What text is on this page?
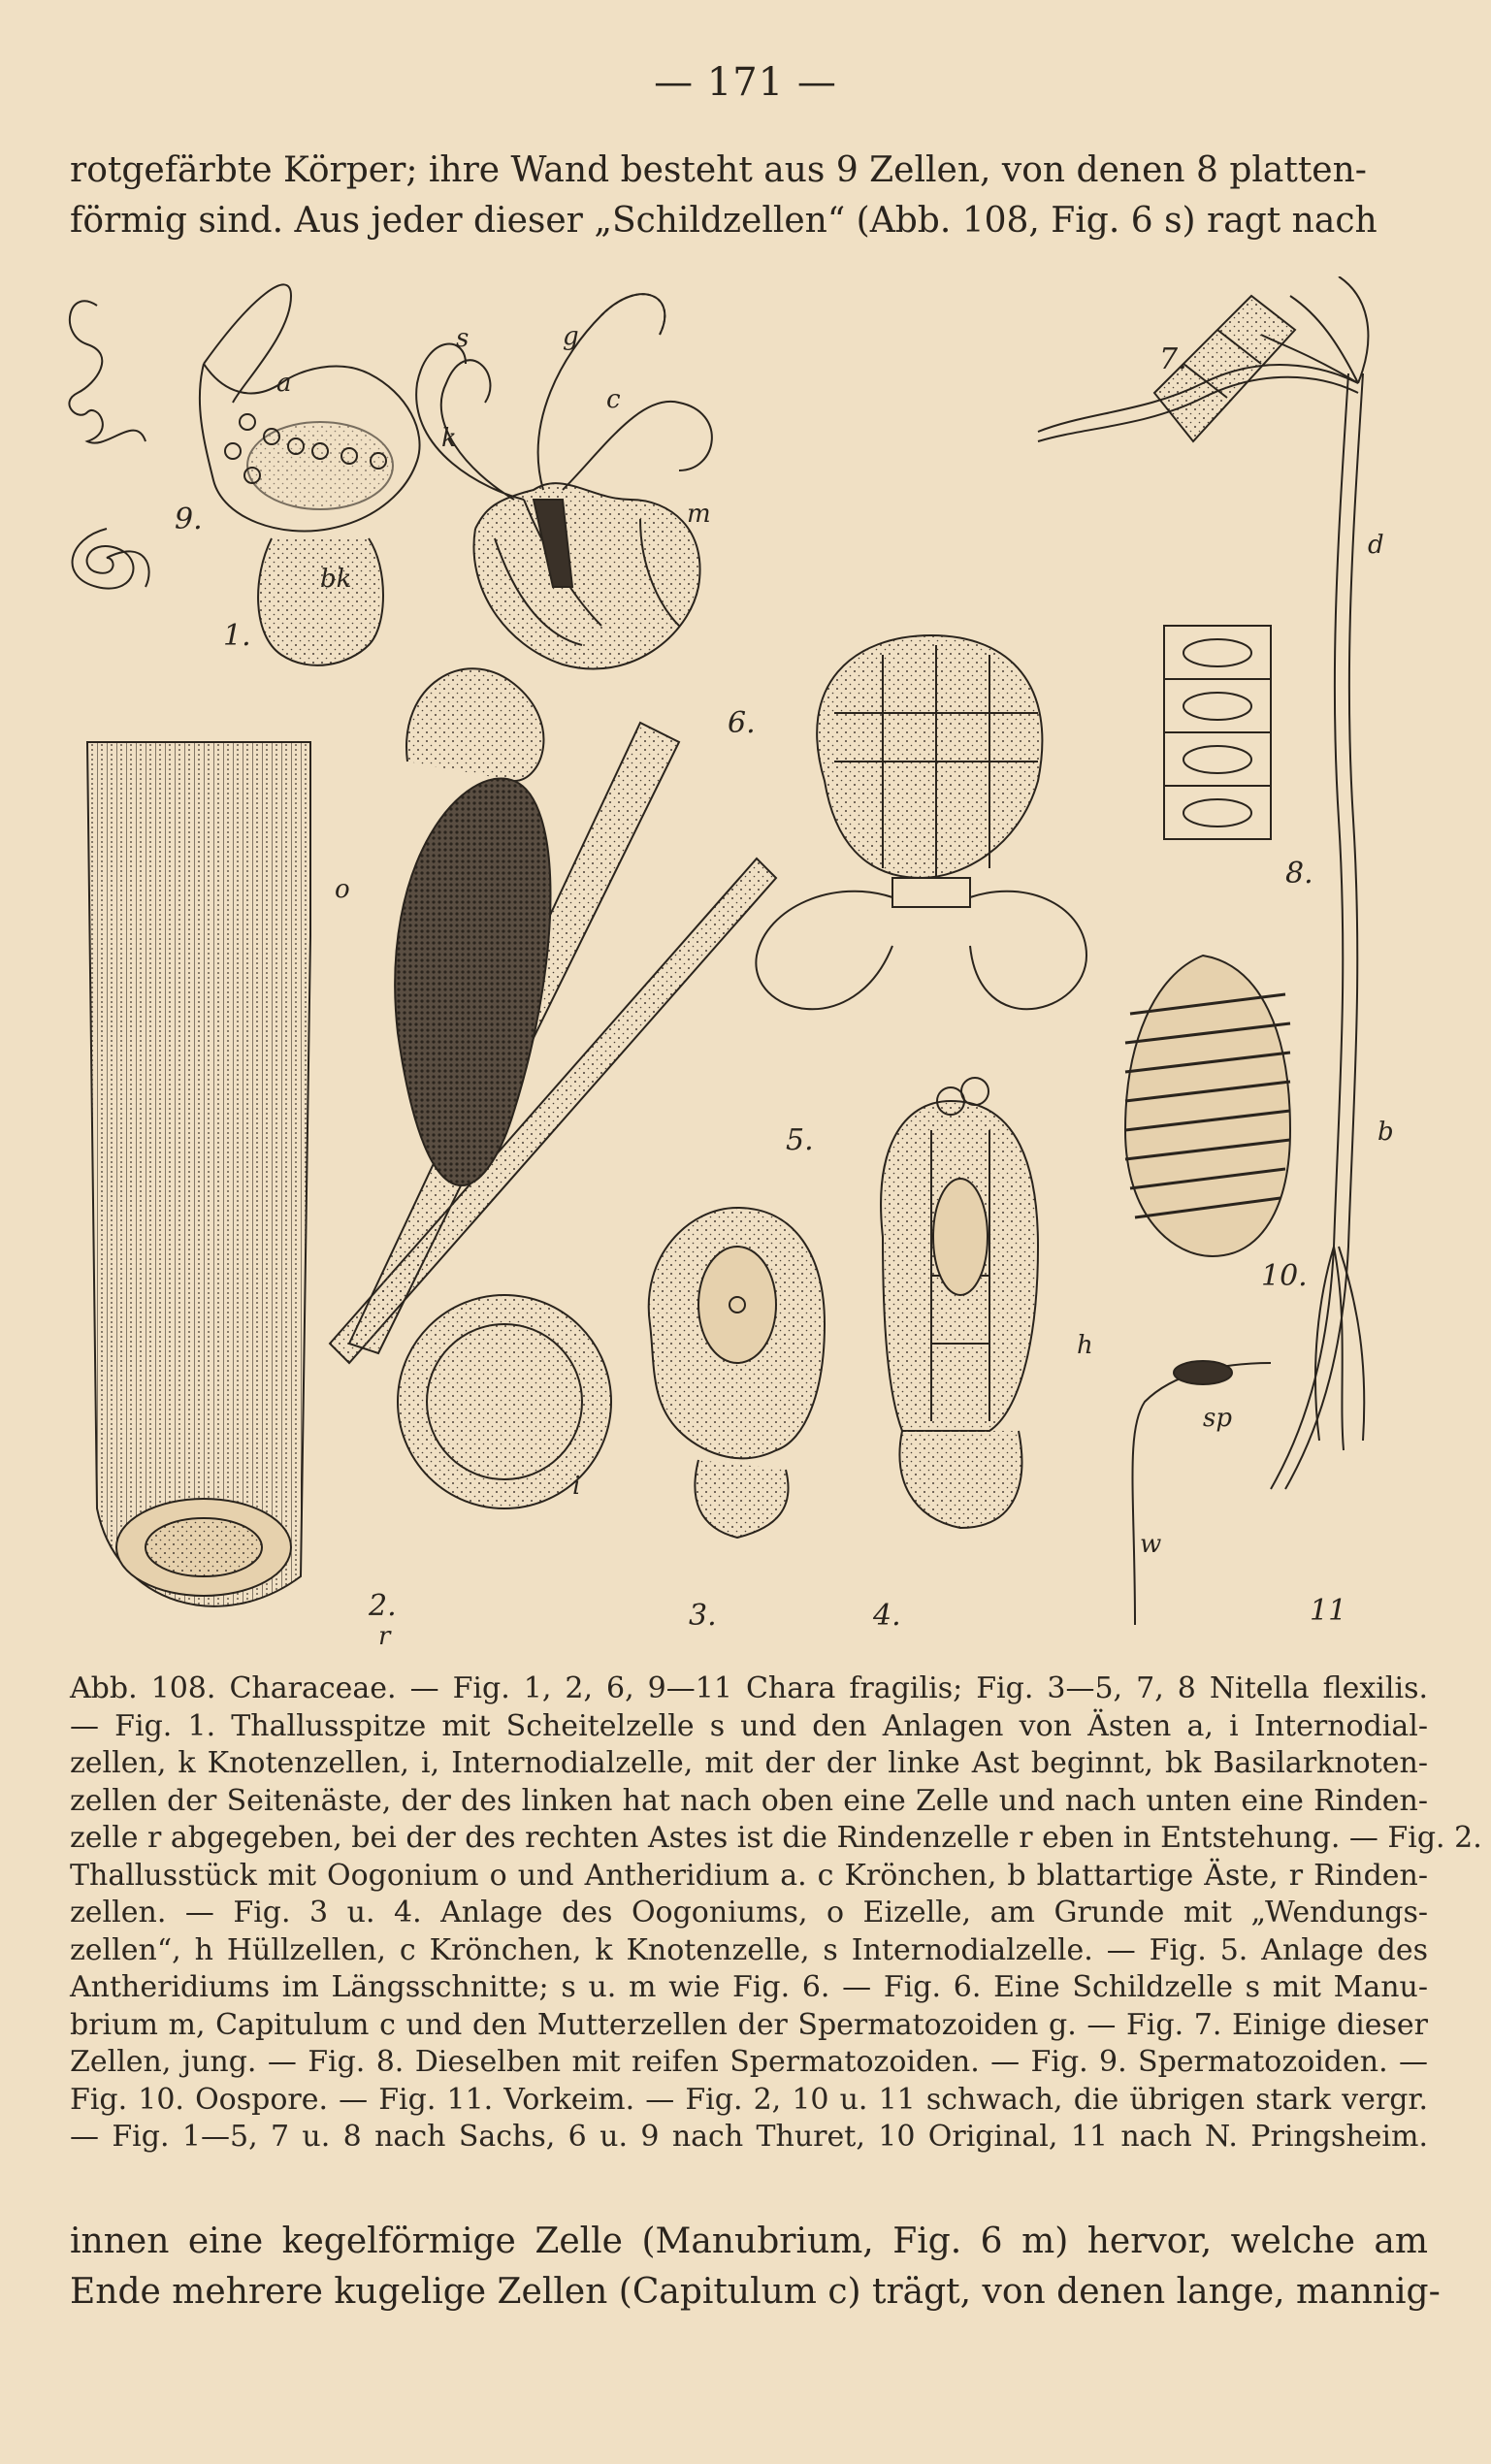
— 171 —
rotgefärbte Körper; ihre Wand besteht aus 9 Zellen, von denen 8 platten-
förmig sind. Aus jeder dieser „Schildzellen“ (Abb. 108, Fig. 6 s) ragt nach
1.
2.	3.	4.
5.
6.
7.
8.
9.
10.
11
a
s
k
g
c
m
d
r
bk
o
b
h
sp
w
i
Abb. 108. Characeae. — Fig. 1, 2, 6, 9—11 Chara fragilis; Fig. 3—5, 7, 8 Nitella flexilis.
— Fig. 1. Thallusspitze mit Scheitelzelle s und den Anlagen von Ästen a, i Internodial-
zellen, k Knotenzellen, i, Internodialzelle, mit der der linke Ast beginnt, bk Basilarknoten-
zellen der Seitenäste, der des linken hat nach oben eine Zelle und nach unten eine Rinden-
zelle r abgegeben, bei der des rechten Astes ist die Rindenzelle r eben in Entstehung. — Fig. 2.
Thallusstück mit Oogonium o und Antheridium a. c Krönchen, b blattartige Äste, r Rinden-
zellen. — Fig. 3 u. 4. Anlage des Oogoniums, o Eizelle, am Grunde mit „Wendungs-
zellen“, h Hüllzellen, c Krönchen, k Knotenzelle, s Internodialzelle. — Fig. 5. Anlage des
Antheridiums im Längsschnitte; s u. m wie Fig. 6. — Fig. 6. Eine Schildzelle s mit Manu-
brium m, Capitulum c und den Mutterzellen der Spermatozoiden g. — Fig. 7. Einige dieser
Zellen, jung. — Fig. 8. Dieselben mit reifen Spermatozoiden. — Fig. 9. Spermatozoiden. —
Fig. 10. Oospore. — Fig. 11. Vorkeim. — Fig. 2, 10 u. 11 schwach, die übrigen stark vergr.
— Fig. 1—5, 7 u. 8 nach Sachs, 6 u. 9 nach Thuret, 10 Original, 11 nach N. Pringsheim.
innen eine kegelförmige Zelle (Manubrium, Fig. 6 m) hervor, welche am
Ende mehrere kugelige Zellen (Capitulum c) trägt, von denen lange, mannig-
